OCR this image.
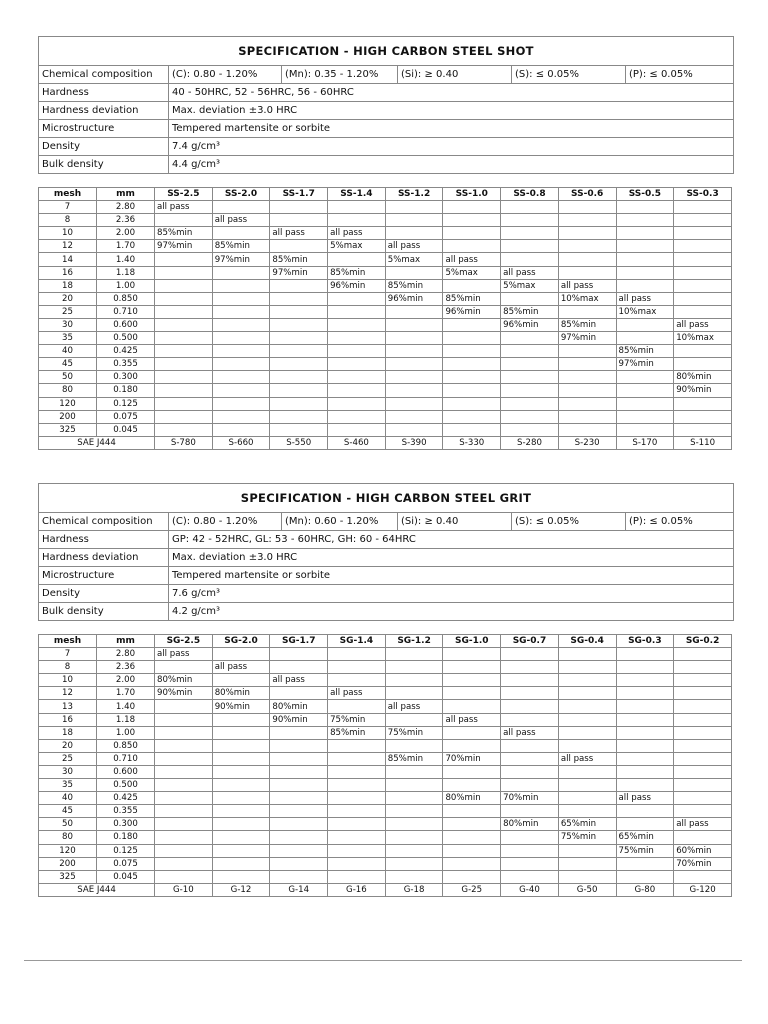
SPECIFICATION - HIGH CARBON STEEL SHOT
Chemical composition	(C): 0.80 - 1.20%	(Mn): 0.35 - 1.20%	(Si): ≥ 0.40	(S): ≤ 0.05%	(P): ≤ 0.05%
Hardness	40 - 50HRC, 52 - 56HRC, 56 - 60HRC
Hardness deviation	Max. deviation ±3.0 HRC
Microstructure	Tempered martensite or sorbite
Density	7.4 g/cm³
Bulk density	4.4 g/cm³
mesh	mm	SS-2.5	SS-2.0	SS-1.7	SS-1.4	SS-1.2	SS-1.0	SS-0.8	SS-0.6	SS-0.5	SS-0.3
7	2.80	all pass									
8	2.36		all pass								
10	2.00	85%min		all pass	all pass						
12	1.70	97%min	85%min		5%max	all pass					
14	1.40		97%min	85%min		5%max	all pass				
16	1.18			97%min	85%min		5%max	all pass			
18	1.00				96%min	85%min		5%max	all pass		
20	0.850					96%min	85%min		10%max	all pass	
25	0.710						96%min	85%min		10%max	
30	0.600							96%min	85%min		all pass
35	0.500								97%min		10%max
40	0.425									85%min	
45	0.355									97%min	
50	0.300										80%min
80	0.180										90%min
120	0.125										
200	0.075										
325	0.045										
SAE J444		S-780	S-660	S-550	S-460	S-390	S-330	S-280	S-230	S-170	S-110
SPECIFICATION - HIGH CARBON STEEL GRIT
Chemical composition	(C): 0.80 - 1.20%	(Mn): 0.60 - 1.20%	(Si): ≥ 0.40	(S): ≤ 0.05%	(P): ≤ 0.05%
Hardness	GP: 42 - 52HRC, GL: 53 - 60HRC, GH: 60 - 64HRC
Hardness deviation	Max. deviation ±3.0 HRC
Microstructure	Tempered martensite or sorbite
Density	7.6 g/cm³
Bulk density	4.2 g/cm³
mesh	mm	SG-2.5	SG-2.0	SG-1.7	SG-1.4	SG-1.2	SG-1.0	SG-0.7	SG-0.4	SG-0.3	SG-0.2
7	2.80	all pass									
8	2.36		all pass								
10	2.00	80%min		all pass							
12	1.70	90%min	80%min		all pass						
13	1.40		90%min	80%min		all pass					
16	1.18			90%min	75%min		all pass				
18	1.00				85%min	75%min		all pass			
20	0.850										
25	0.710					85%min	70%min		all pass		
30	0.600										
35	0.500										
40	0.425						80%min	70%min		all pass	
45	0.355										
50	0.300							80%min	65%min		all pass
80	0.180								75%min	65%min	
120	0.125									75%min	60%min
200	0.075										70%min
325	0.045										
SAE J444		G-10	G-12	G-14	G-16	G-18	G-25	G-40	G-50	G-80	G-120
